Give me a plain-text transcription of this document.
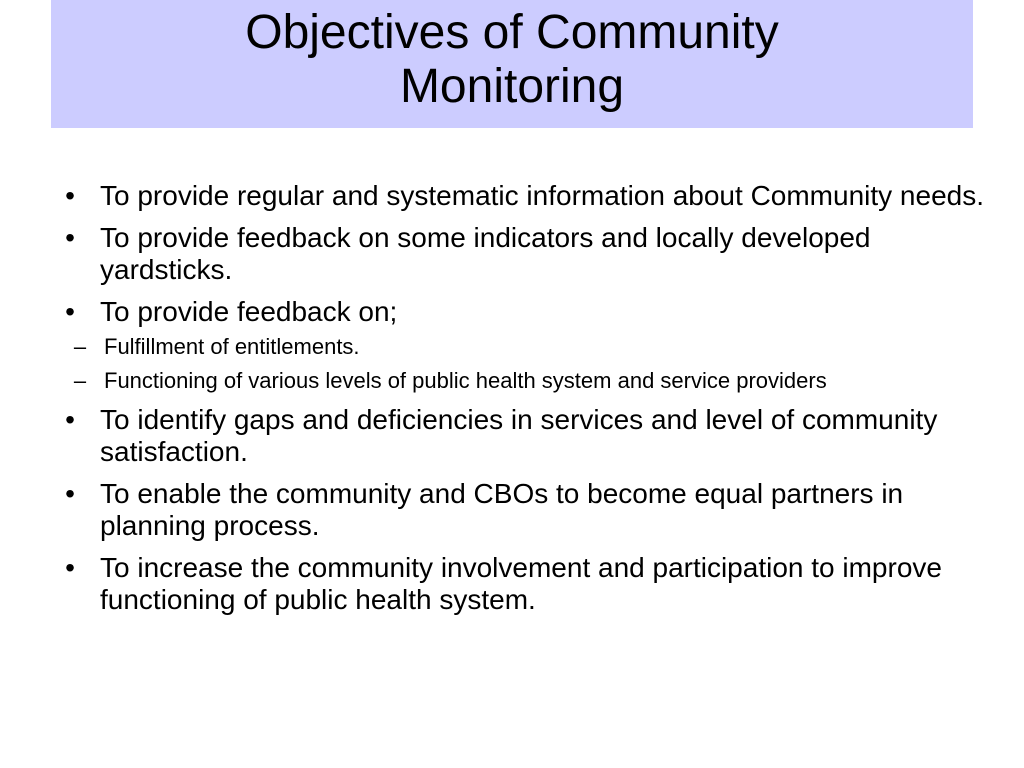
Objectives of Community
Monitoring
• To provide regular and systematic information about Community needs.
• To provide feedback on some indicators and locally developed yardsticks.
• To provide feedback on;
– Fulfillment of entitlements.
– Functioning of various levels of public health system and service providers
• To identify gaps and deficiencies in services and level of community satisfaction.
• To enable the community and CBOs to become equal partners in planning process.
• To increase the community involvement and participation to improve functioning of public health system.
